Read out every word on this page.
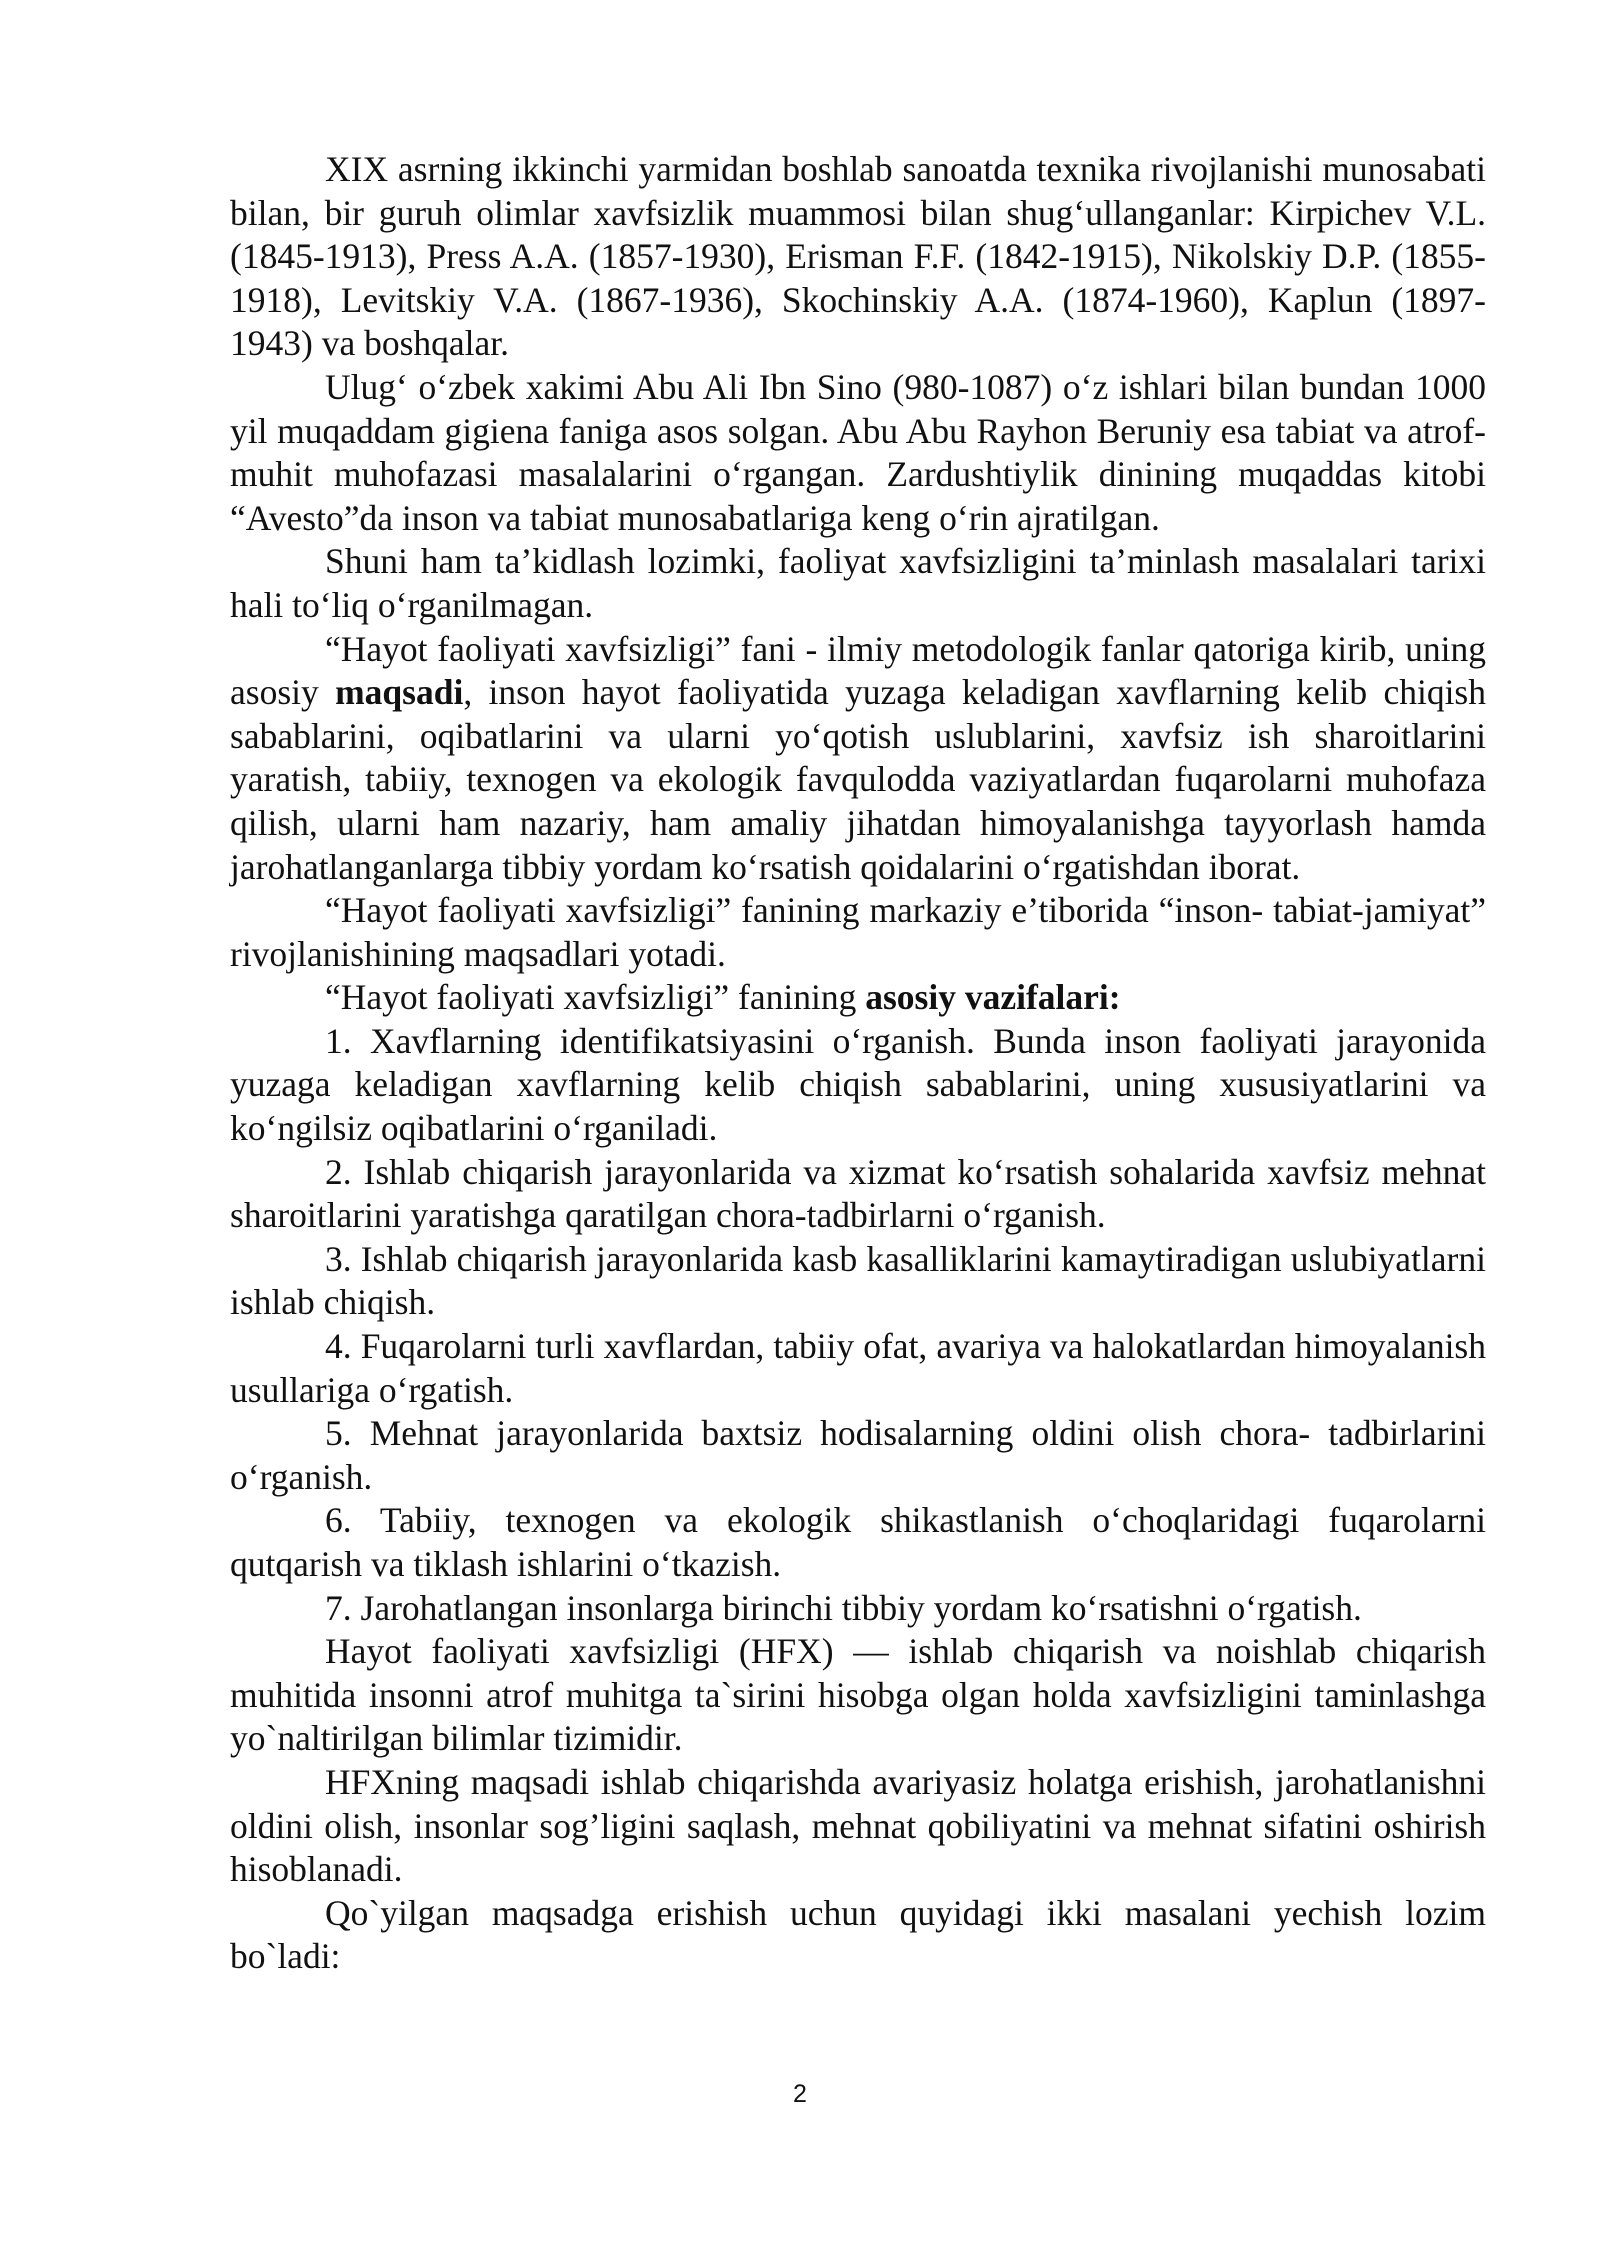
XIX asrning ikkinchi yarmidan boshlab sanoatda texnika rivojlanishi munosabati bilan, bir guruh olimlar xavfsizlik muammosi bilan shug‘ullanganlar: Kirpichev V.L. (1845-1913), Press A.A. (1857-1930), Erisman F.F. (1842-1915), Nikolskiy D.P. (1855-1918), Levitskiy V.A. (1867-1936), Skochinskiy A.A. (1874-1960), Kaplun (1897-1943) va boshqalar.

Ulug‘ o‘zbek xakimi Abu Ali Ibn Sino (980-1087) o‘z ishlari bilan bundan 1000 yil muqaddam gigiena faniga asos solgan. Abu Abu Rayhon Beruniy esa tabiat va atrof-muhit muhofazasi masalalarini o‘rgangan. Zardushtiylik dinining muqaddas kitobi “Avesto”da inson va tabiat munosabatlariga keng o‘rin ajratilgan.

Shuni ham ta’kidlash lozimki, faoliyat xavfsizligini ta’minlash masalalari tarixi hali to‘liq o‘rganilmagan.

“Hayot faoliyati xavfsizligi” fani - ilmiy metodologik fanlar qatoriga kirib, uning asosiy maqsadi, inson hayot faoliyatida yuzaga keladigan xavflarning kelib chiqish sabablarini, oqibatlarini va ularni yo‘qotish uslublarini, xavfsiz ish sharoitlarini yaratish, tabiiy, texnogen va ekologik favqulodda vaziyatlardan fuqarolarni muhofaza qilish, ularni ham nazariy, ham amaliy jihatdan himoyalanishga tayyorlash hamda jarohatlanganlarga tibbiy yordam ko‘rsatish qoidalarini o‘rgatishdan iborat.

“Hayot faoliyati xavfsizligi” fanining markaziy e’tiborida “inson- tabiat-jamiyat” rivojlanishining maqsadlari yotadi.

“Hayot faoliyati xavfsizligi” fanining asosiy vazifalari:

1. Xavflarning identifikatsiyasini o‘rganish. Bunda inson faoliyati jarayonida yuzaga keladigan xavflarning kelib chiqish sabablarini, uning xususiyatlarini va ko‘ngilsiz oqibatlarini o‘rganiladi.

2. Ishlab chiqarish jarayonlarida va xizmat ko‘rsatish sohalarida xavfsiz mehnat sharoitlarini yaratishga qaratilgan chora-tadbirlarni o‘rganish.

3. Ishlab chiqarish jarayonlarida kasb kasalliklarini kamaytiradigan uslubiyatlarni ishlab chiqish.

4. Fuqarolarni turli xavflardan, tabiiy ofat, avariya va halokatlardan himoyalanish usullariga o‘rgatish.

5. Mehnat jarayonlarida baxtsiz hodisalarning oldini olish chora- tadbirlarini o‘rganish.

6. Tabiiy, texnogen va ekologik shikastlanish o‘choqlaridagi fuqarolarni qutqarish va tiklash ishlarini o‘tkazish.

7. Jarohatlangan insonlarga birinchi tibbiy yordam ko‘rsatishni o‘rgatish.

Hayot faoliyati xavfsizligi (HFX) — ishlab chiqarish va noishlab chiqarish muhitida insonni atrof muhitga ta`sirini hisobga olgan holda xavfsizligini taminlashga yo`naltirilgan bilimlar tizimidir.

HFXning maqsadi ishlab chiqarishda avariyasiz holatga erishish, jarohatlanishni oldini olish, insonlar sog’ligini saqlash, mehnat qobiliyatini va mehnat sifatini oshirish hisoblanadi.

Qo`yilgan maqsadga erishish uchun quyidagi ikki masalani yechish lozim bo`ladi:

2
